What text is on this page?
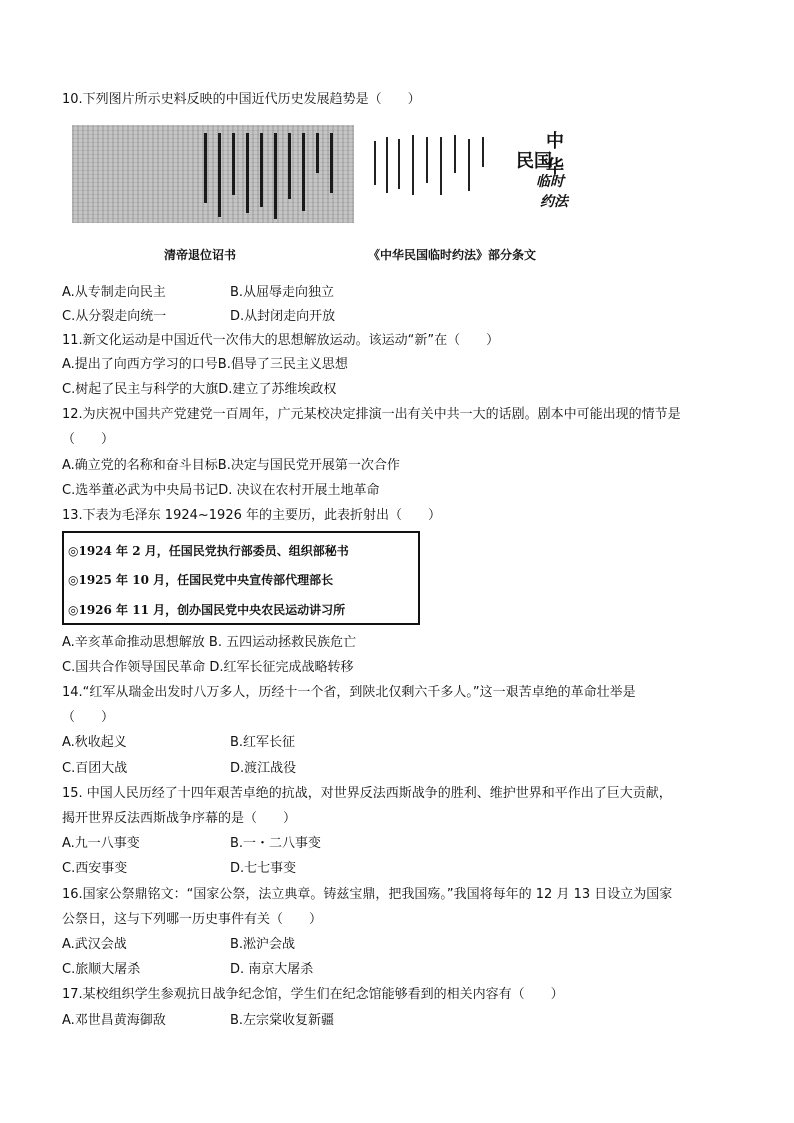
10.下列图片所示史料反映的中国近代历史发展趋势是（　　）
中华
民国
临时
约法
清帝退位诏书	《中华民国临时约法》部分条文
A.从专制走向民主	B.从屈辱走向独立
C.从分裂走向统一	D.从封闭走向开放
11.新文化运动是中国近代一次伟大的思想解放运动。该运动“新”在（　　）
A.提出了向西方学习的口号B.倡导了三民主义思想
C.树起了民主与科学的大旗D.建立了苏维埃政权
12.为庆祝中国共产党建党一百周年，广元某校决定排演一出有关中共一大的话剧。剧本中可能出现的情节是
（　　）
A.确立党的名称和奋斗目标B.决定与国民党开展第一次合作
C.选举董必武为中央局书记D. 决议在农村开展土地革命
13.下表为毛泽东 1924~1926 年的主要历，此表折射出（　　）
◎1924 年 2 月，任国民党执行部委员、组织部秘书
◎1925 年 10 月，任国民党中央宣传部代理部长
◎1926 年 11 月，创办国民党中央农民运动讲习所
A.辛亥革命推动思想解放 B. 五四运动拯救民族危亡
C.国共合作领导国民革命 D.红军长征完成战略转移
14.“红军从瑞金出发时八万多人，历经十一个省，到陕北仅剩六千多人。”这一艰苦卓绝的革命壮举是
（　　）
A.秋收起义	B.红军长征
C.百团大战	D.渡江战役
15. 中国人民历经了十四年艰苦卓绝的抗战，对世界反法西斯战争的胜利、维护世界和平作出了巨大贡献，
揭开世界反法西斯战争序幕的是（　　）
A.九一八事变	B.一・二八事变
C.西安事变	D.七七事变
16.国家公祭鼎铭文：“国家公祭，法立典章。铸兹宝鼎，把我国殇。”我国将每年的 12 月 13 日设立为国家
公祭日，这与下列哪一历史事件有关（　　）
A.武汉会战	B.淞沪会战
C.旅顺大屠杀	D. 南京大屠杀
17.某校组织学生参观抗日战争纪念馆，学生们在纪念馆能够看到的相关内容有（　　）
A.邓世昌黄海御敌	B.左宗棠收复新疆
